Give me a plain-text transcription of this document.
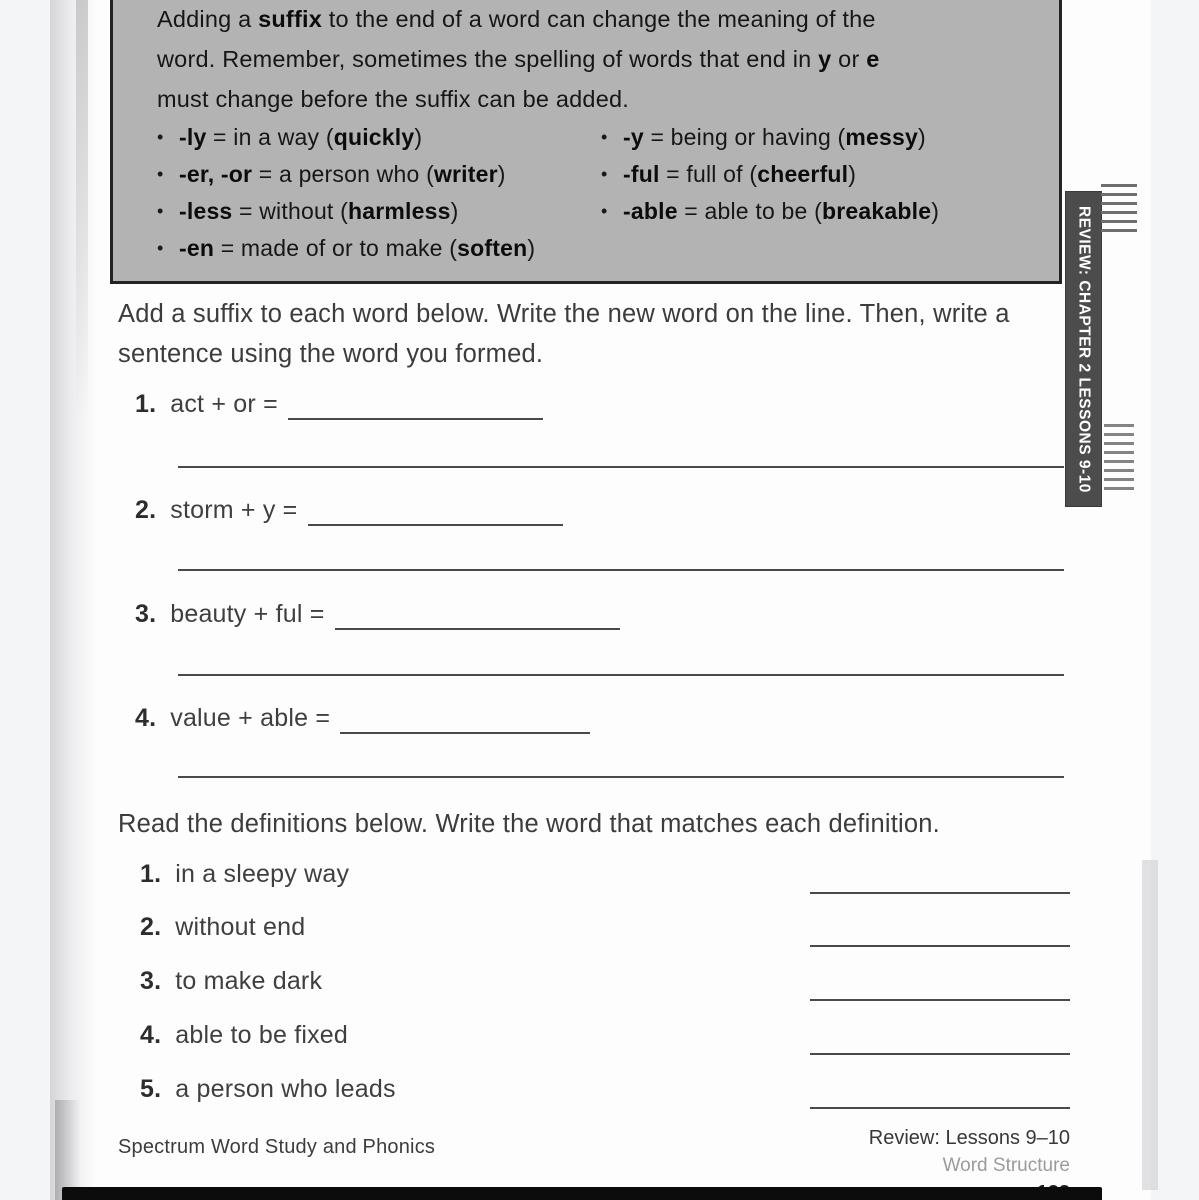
Adding a suffix to the end of a word can change the meaning of the
word. Remember, sometimes the spelling of words that end in y or e
must change before the suffix can be added.
• -ly = in a way (quickly)	• -y = being or having (messy)
• -er, -or = a person who (writer)	• -ful = full of (cheerful)
• -less = without (harmless)	• -able = able to be (breakable)
• -en = made of or to make (soften)	REVIEW: CHAPTER 2 LESSONS 9-10
Add a suffix to each word below. Write the new word on the line. Then, write a sentence using the word you formed.
1. act + or =
2. storm + y =
3. beauty + ful =
4. value + able =
Read the definitions below. Write the word that matches each definition.
1. in a sleepy way
2. without end
3. to make dark
4. able to be fixed
5. a person who leads
Spectrum Word Study and Phonics	Review: Lessons 9–10
Word Structure
